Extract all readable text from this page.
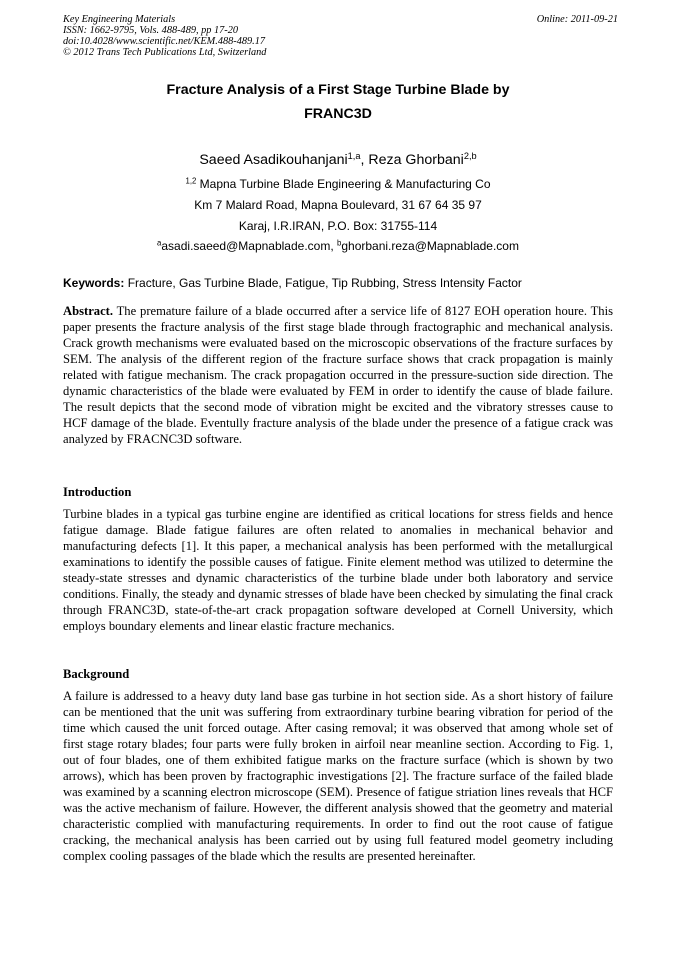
Key Engineering Materials
ISSN: 1662-9795, Vols. 488-489, pp 17-20
doi:10.4028/www.scientific.net/KEM.488-489.17
© 2012 Trans Tech Publications Ltd, Switzerland
Online: 2011-09-21
Fracture Analysis of a First Stage Turbine Blade by
FRANC3D
Saeed Asadikouhanjani$^{1,a}$, Reza Ghorbani$^{2,b}$
$^{1,2}$ Mapna Turbine Blade Engineering & Manufacturing Co
Km 7 Malard Road, Mapna Boulevard, 31 67 64 35 97
Karaj, I.R.IRAN, P.O. Box: 31755-114
$^a$asadi.saeed@Mapnablade.com, $^b$ghorbani.reza@Mapnablade.com
Keywords: Fracture, Gas Turbine Blade, Fatigue, Tip Rubbing, Stress Intensity Factor

Abstract. The premature failure of a blade occurred after a service life of 8127 EOH operation houre. This paper presents the fracture analysis of the first stage blade through fractographic and mechanical analysis. Crack growth mechanisms were evaluated based on the microscopic observations of the fracture surfaces by SEM. The analysis of the different region of the fracture surface shows that crack propagation is mainly related with fatigue mechanism. The crack propagation occurred in the pressure-suction side direction. The dynamic characteristics of the blade were evaluated by FEM in order to identify the cause of blade failure. The result depicts that the second mode of vibration might be excited and the vibratory stresses cause to HCF damage of the blade. Eventully fracture analysis of the blade under the presence of a fatigue crack was analyzed by FRACNC3D software.

Introduction

Turbine blades in a typical gas turbine engine are identified as critical locations for stress fields and hence fatigue damage. Blade fatigue failures are often related to anomalies in mechanical behavior and manufacturing defects [1]. It this paper, a mechanical analysis has been performed with the metallurgical examinations to identify the possible causes of fatigue. Finite element method was utilized to determine the steady-state stresses and dynamic characteristics of the turbine blade under both laboratory and service conditions. Finally, the steady and dynamic stresses of blade have been checked by simulating the final crack through FRANC3D, state-of-the-art crack propagation software developed at Cornell University, which employs boundary elements and linear elastic fracture mechanics.

Background

A failure is addressed to a heavy duty land base gas turbine in hot section side. As a short history of failure can be mentioned that the unit was suffering from extraordinary turbine bearing vibration for period of the time which caused the unit forced outage. After casing removal; it was observed that among whole set of first stage rotary blades; four parts were fully broken in airfoil near meanline section. According to Fig. 1, out of four blades, one of them exhibited fatigue marks on the fracture surface (which is shown by two arrows), which has been proven by fractographic investigations [2]. The fracture surface of the failed blade was examined by a scanning electron microscope (SEM). Presence of fatigue striation lines reveals that HCF was the active mechanism of failure. However, the different analysis showed that the geometry and material characteristic complied with manufacturing requirements. In order to find out the root cause of fatigue cracking, the mechanical analysis has been carried out by using full featured model geometry including complex cooling passages of the blade which the results are presented hereinafter.
